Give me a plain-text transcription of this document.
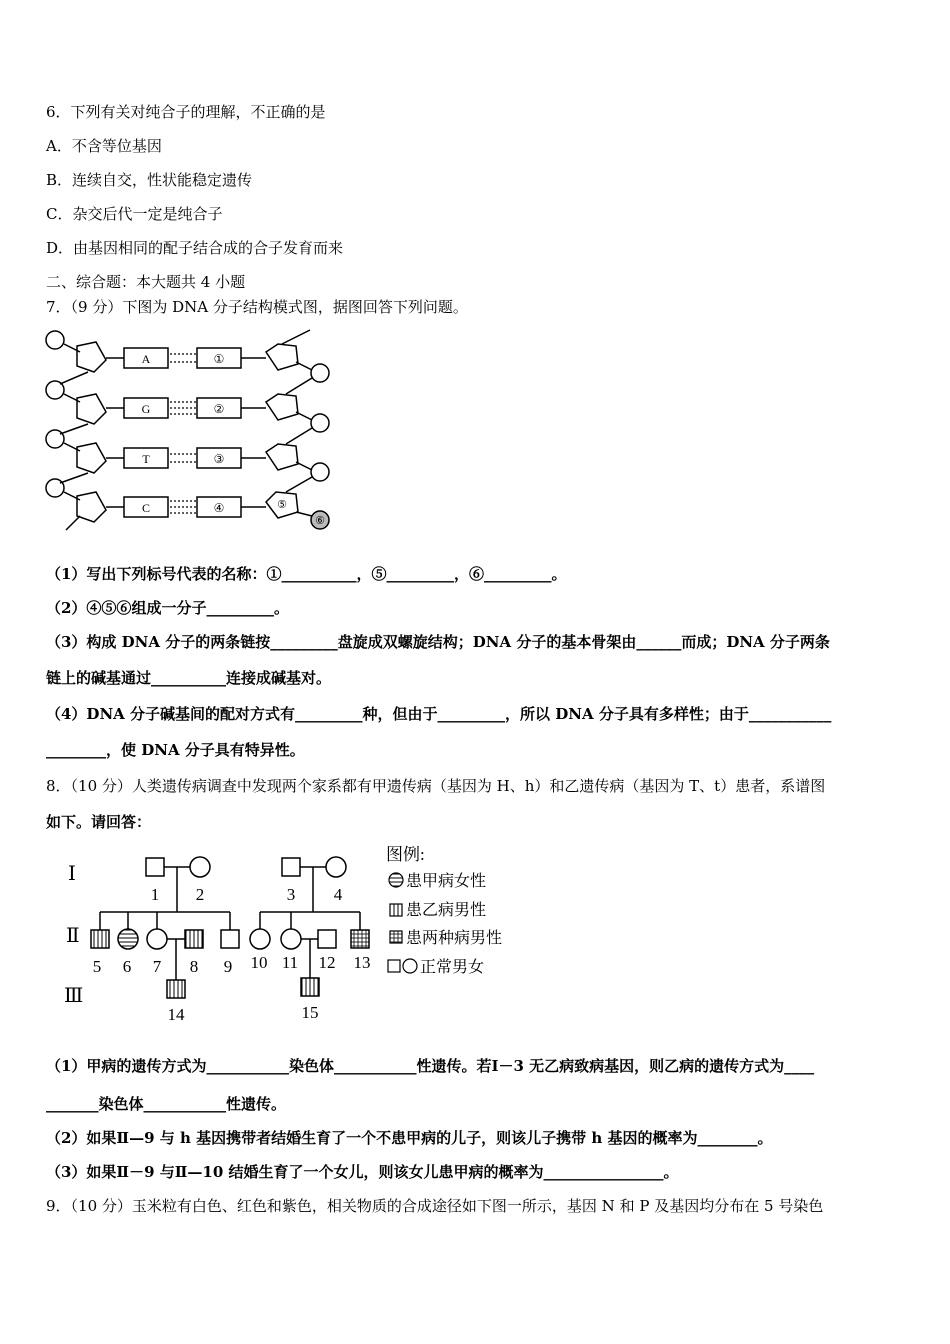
6．下列有关对纯合子的理解，不正确的是
A．不含等位基因
B．连续自交，性状能稳定遗传
C．杂交后代一定是纯合子
D．由基因相同的配子结合成的合子发育而来
二、综合题：本大题共 4 小题
7．（9 分）下图为 DNA 分子结构模式图，据图回答下列问题。
A
G
T
C
①
②
③
④	⑤
⑥
（1）写出下列标号代表的名称：①__________，⑤_________，⑥_________。
（2）④⑤⑥组成一分子_________。
（3）构成 DNA 分子的两条链按_________盘旋成双螺旋结构；DNA 分子的基本骨架由______而成；DNA 分子两条
链上的碱基通过__________连接成碱基对。
（4）DNA 分子碱基间的配对方式有_________种，但由于_________，所以 DNA 分子具有多样性；由于___________
________，使 DNA 分子具有特异性。
8．（10 分）人类遗传病调查中发现两个家系都有甲遗传病（基因为 H、h）和乙遗传病（基因为 T、t）患者，系谱图
如下。请回答：
Ⅰ
Ⅱ
Ⅲ
1 2	3 4
5 6 7 8 9 10 11 12 13
14	15
图例:
患甲病女性
患乙病男性
患两种病男性
正常男女
（1）甲病的遗传方式为___________染色体___________性遗传。若Ⅰ－3 无乙病致病基因，则乙病的遗传方式为____
_______染色体___________性遗传。
（2）如果Ⅱ—9 与 h 基因携带者结婚生育了一个不患甲病的儿子，则该儿子携带 h 基因的概率为________。
（3）如果Ⅱ－9 与Ⅱ—10 结婚生育了一个女儿，则该女儿患甲病的概率为________________。
9．（10 分）玉米粒有白色、红色和紫色，相关物质的合成途径如下图一所示，基因 N 和 P 及基因均分布在 5 号染色
